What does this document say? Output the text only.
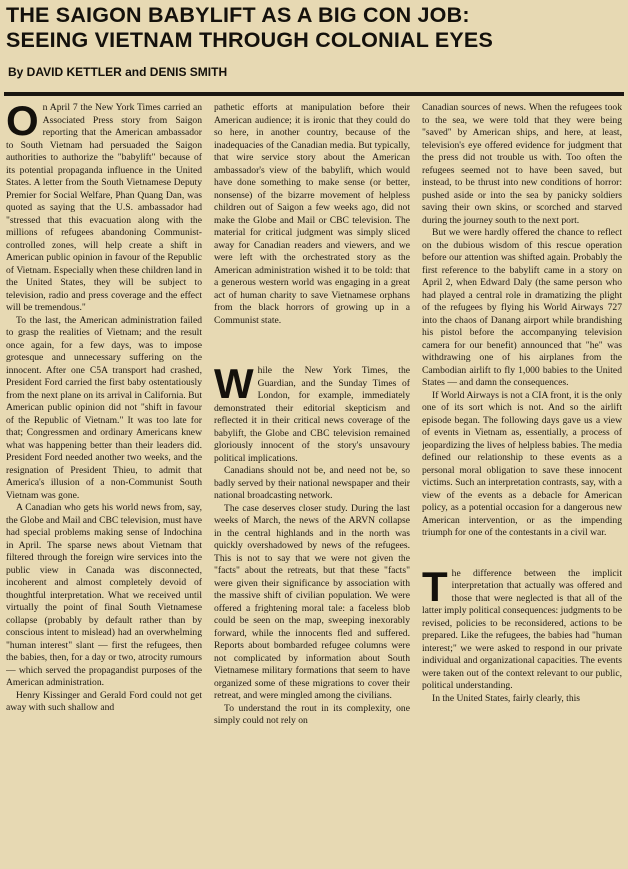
THE SAIGON BABYLIFT AS A BIG CON JOB:
SEEING VIETNAM THROUGH COLONIAL EYES
By DAVID KETTLER and DENIS SMITH

On April 7 the New York Times carried an Associated Press story from Saigon reporting that the American ambassador to South Vietnam had persuaded the Saigon authorities to authorize the "babylift" because of its potential propaganda influence in the United States. A letter from the South Vietnamese Deputy Premier for Social Welfare, Phan Quang Dan, was quoted as saying that the U.S. ambassador had "stressed that this evacuation along with the millions of refugees abandoning Communist-controlled zones, will help create a shift in American public opinion in favour of the Republic of Vietnam. Especially when these children land in the United States, they will be subject to television, radio and press coverage and the effect will be tremendous."

To the last, the American administration failed to grasp the realities of Vietnam; and the result once again, for a few days, was to impose grotesque and unnecessary suffering on the innocent. After one C5A transport had crashed, President Ford carried the first baby ostentatiously from the next plane on its arrival in California. But American public opinion did not "shift in favour of the Republic of Vietnam." It was too late for that; Congressmen and ordinary Americans knew what was happening better than their leaders did. President Ford needed another two weeks, and the resignation of President Thieu, to admit that America's illusion of a non-Communist South Vietnam was gone.

A Canadian who gets his world news from, say, the Globe and Mail and CBC television, must have had special problems making sense of Indochina in April. The sparse news about Vietnam that filtered through the foreign wire services into the public view in Canada was disconnected, incoherent and almost completely devoid of thoughtful interpretation. What we received until virtually the point of final South Vietnamese collapse (probably by default rather than by conscious intent to mislead) had an overwhelming "human interest" slant — first the refugees, then the babies, then, for a day or two, atrocity rumours — which served the propagandist purposes of the American administration.

Henry Kissinger and Gerald Ford could not get away with such shallow and

pathetic efforts at manipulation before their American audience; it is ironic that they could do so here, in another country, because of the inadequacies of the Canadian media. But typically, that wire service story about the American ambassador's view of the babylift, which would have done something to make sense (or better, nonsense) of the bizarre movement of helpless children out of Saigon a few weeks ago, did not make the Globe and Mail or CBC television. The material for critical judgment was simply sliced away for Canadian readers and viewers, and we were left with the orchestrated story as the American administration wished it to be told: that a generous western world was engaging in a great act of human charity to save Vietnamese orphans from the black horrors of growing up in a Communist state.

While the New York Times, the Guardian, and the Sunday Times of London, for example, immediately demonstrated their editorial skepticism and reflected it in their critical news coverage of the babylift, the Globe and CBC television remained gloriously innocent of the story's unsavoury political implications.

Canadians should not be, and need not be, so badly served by their national newspaper and their national broadcasting network.

The case deserves closer study. During the last weeks of March, the news of the ARVN collapse in the central highlands and in the north was quickly overshadowed by news of the refugees. This is not to say that we were not given the "facts" about the retreats, but that these "facts" were given their significance by association with the massive shift of civilian population. We were offered a frightening moral tale: a faceless blob could be seen on the map, sweeping inexorably forward, while the innocents fled and suffered. Reports about bombarded refugee columns were not complicated by information about South Vietnamese military formations that seem to have organized some of these migrations to cover their retreat, and were mingled among the civilians.

To understand the rout in its complexity, one simply could not rely on

Canadian sources of news. When the refugees took to the sea, we were told that they were being "saved" by American ships, and here, at least, television's eye offered evidence for judgment that the press did not trouble us with. Too often the refugees seemed not to have been saved, but instead, to be thrust into new conditions of horror: pushed aside or into the sea by panicky soldiers saving their own skins, or scorched and starved during the journey south to the next port.

But we were hardly offered the chance to reflect on the dubious wisdom of this rescue operation before our attention was shifted again. Probably the first reference to the babylift came in a story on April 2, when Edward Daly (the same person who had played a central role in dramatizing the plight of the refugees by flying his World Airways 727 into the chaos of Danang airport while brandishing his pistol before the accompanying television camera for our benefit) announced that "he" was withdrawing one of his airplanes from the Cambodian airlift to fly 1,000 babies to the United States — and damn the consequences.

If World Airways is not a CIA front, it is the only one of its sort which is not. And so the airlift episode began. The following days gave us a view of events in Vietnam as, essentially, a process of jeopardizing the lives of helpless babies. The media defined our relationship to these events as a personal moral obligation to save these innocent victims. Such an interpretation contrasts, say, with a view of the events as a debacle for American policy, as a potential occasion for a dangerous new American intervention, or as the impending triumph for one of the contestants in a civil war.

The difference between the implicit interpretation that actually was offered and those that were neglected is that all of the latter imply political consequences: judgments to be revised, policies to be reconsidered, actions to be prepared. Like the refugees, the babies had "human interest;" we were asked to respond in our private individual and organizational capacities. The events were taken out of the context relevant to our public, political understanding.

In the United States, fairly clearly, this
